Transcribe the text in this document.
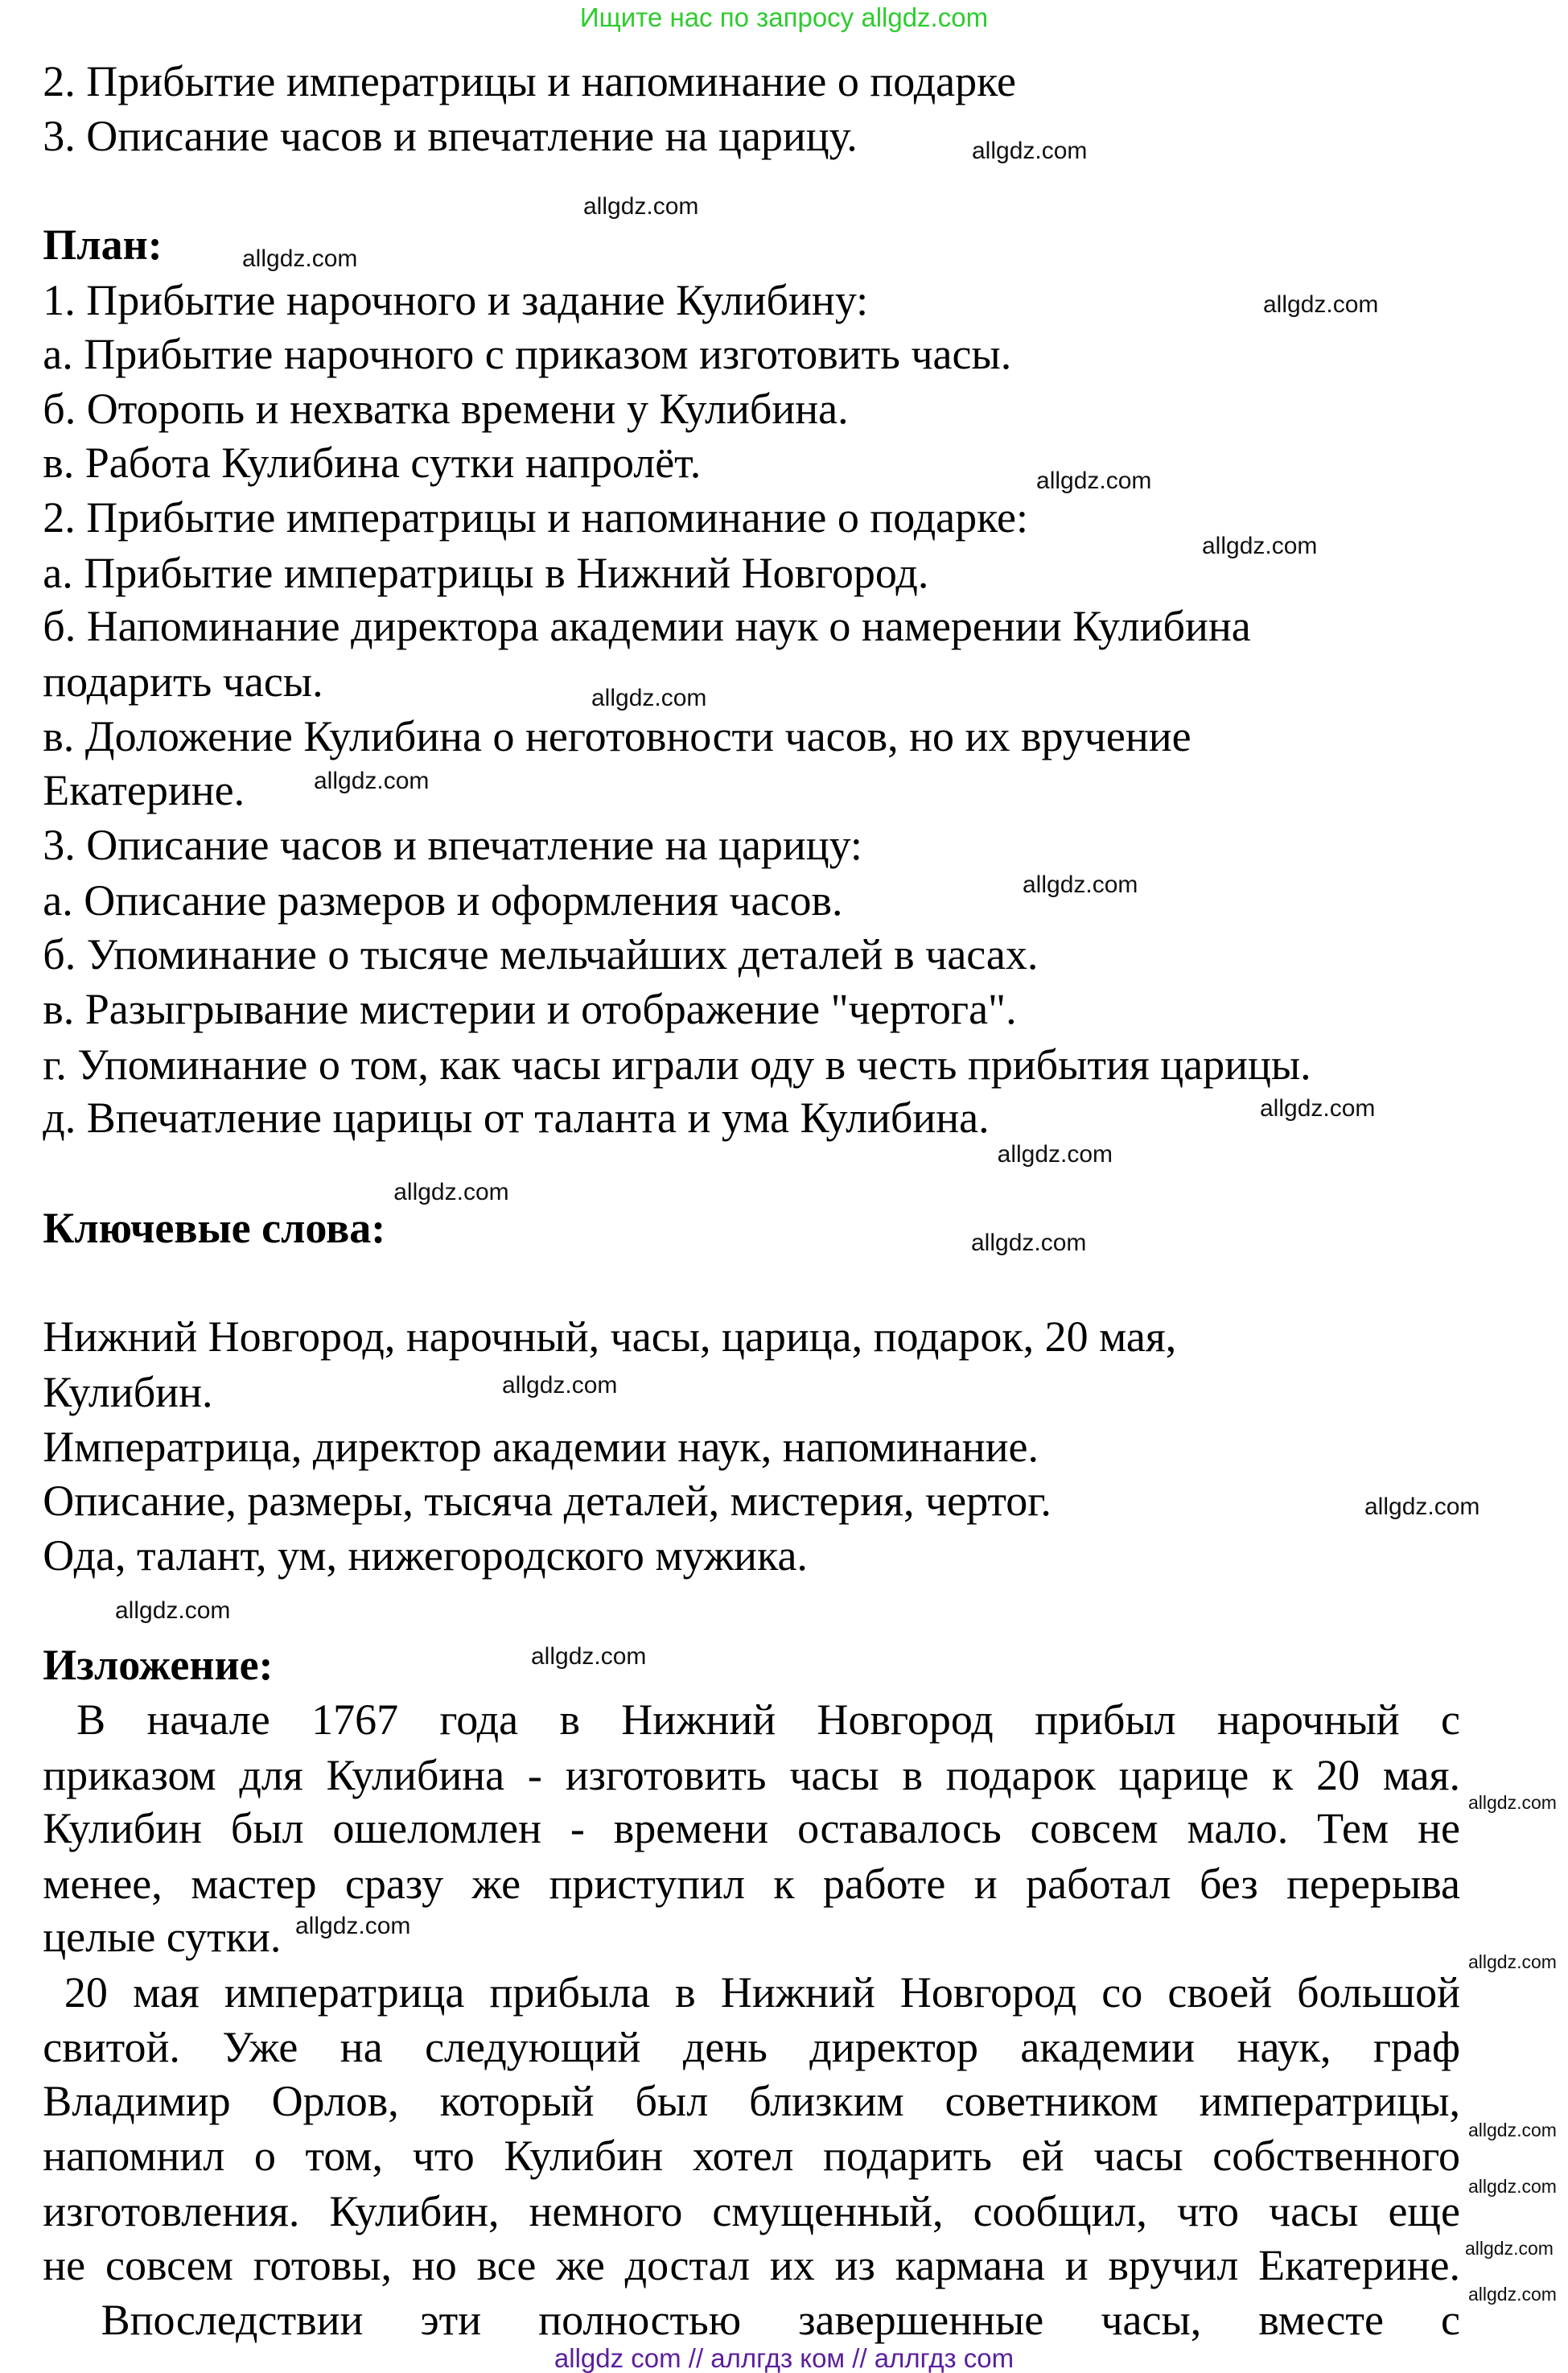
Ищите нас по запросу allgdz.com
2. Прибытие императрицы и напоминание о подарке
3. Описание часов и впечатление на царицу.
План:
1. Прибытие нарочного и задание Кулибину:
а. Прибытие нарочного с приказом изготовить часы.
б. Оторопь и нехватка времени у Кулибина.
в. Работа Кулибина сутки напролёт.
2. Прибытие императрицы и напоминание о подарке:
а. Прибытие императрицы в Нижний Новгород.
б. Напоминание директора академии наук о намерении Кулибина
подарить часы.
в. Доложение Кулибина о неготовности часов, но их вручение
Екатерине.
3. Описание часов и впечатление на царицу:
а. Описание размеров и оформления часов.
б. Упоминание о тысяче мельчайших деталей в часах.
в. Разыгрывание мистерии и отображение "чертога".
г. Упоминание о том, как часы играли оду в честь прибытия царицы.
д. Впечатление царицы от таланта и ума Кулибина.
Ключевые слова:
Нижний Новгород, нарочный, часы, царица, подарок, 20 мая,
Кулибин.
Императрица, директор академии наук, напоминание.
Описание, размеры, тысяча деталей, мистерия, чертог.
Ода, талант, ум, нижегородского мужика.
Изложение:
В начале 1767 года в Нижний Новгород прибыл нарочный с
приказом для Кулибина - изготовить часы в подарок царице к 20 мая.
Кулибин был ошеломлен - времени оставалось совсем мало. Тем не
менее, мастер сразу же приступил к работе и работал без перерыва
целые сутки.
20 мая императрица прибыла в Нижний Новгород со своей большой
свитой. Уже на следующий день директор академии наук, граф
Владимир Орлов, который был близким советником императрицы,
напомнил о том, что Кулибин хотел подарить ей часы собственного
изготовления. Кулибин, немного смущенный, сообщил, что часы еще
не совсем готовы, но все же достал их из кармана и вручил Екатерине.
Впоследствии эти полностью завершенные часы, вместе с
allgdz.com
allgdz.com
allgdz.com
allgdz.com
allgdz.com
allgdz.com
allgdz.com
allgdz.com
allgdz.com
allgdz.com
allgdz.com
allgdz.com
allgdz.com
allgdz.com
allgdz.com
allgdz.com
allgdz.com
allgdz.com
allgdz.com
allgdz.com
allgdz.com
allgdz.com
allgdz.com
allgdz.com
allgdz com // аллгдз ком // аллгдз com
